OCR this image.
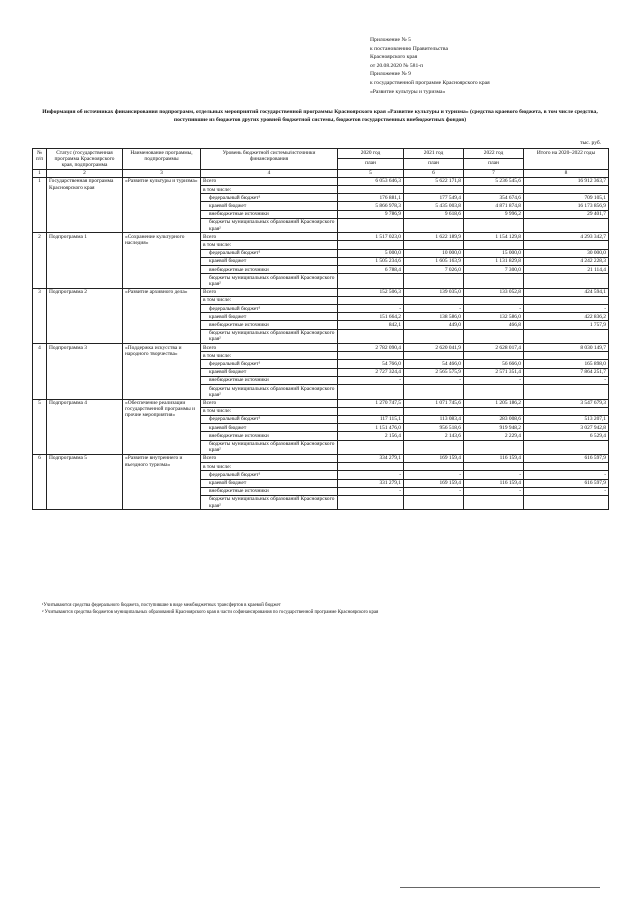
Приложение № 5
к постановлению Правительства
Красноярского края
от 20.08.2020 № 581-п
Приложение № 9
к государственной программе Красноярского края
«Развитие культуры и туризма»
Информация об источниках финансирования подпрограмм, отдельных мероприятий государственной программы Красноярского края «Развитие культуры и туризма» (средства краевого бюджета, в том числе средства, поступившие из бюджетов других уровней бюджетной системы, бюджетов государственных внебюджетных фондов)
тыс. руб.
№ п/п	Статус (государственная программа Красноярского края, подпрограмма	Наименование программы, подпрограммы	Уровень бюджетной системы/источники финансирования	2020 год	2021 год	2022 год	Итого на 2020–2022 годы
				план	план	план	
1	2	3	4	5	6	7	8
1	Государственная программа Красноярского края	«Развитие культуры и туризма»	Всего	6 053 646,3	5 622 171,8	5 236 545,6	16 912 363,7
			в том числе:				
			федеральный бюджет¹	176 881,1	177 549,4	354 674,6	709 105,1
			краевой бюджет	5 866 978,3	5 435 003,8	4 871 874,8	16 173 856,9
			внебюджетные источники	9 786,9	9 618,6	9 996,2	29 401,7
			бюджеты муниципальных образований Красноярского края²				
2	Подпрограмма 1	«Сохранение культурного наследия»	Всего	1 517 023,0	1 622 189,9	1 154 129,8	4 293 342,7
			в том числе:				
			федеральный бюджет¹	5 000,0	10 000,0	15 000,0	30 000,0
			краевой бюджет	1 505 234,6	1 605 163,9	1 131 829,8	4 242 228,3
			внебюджетные источники	6 788,4	7 026,0	7 300,0	21 114,4
			бюджеты муниципальных образований Красноярского края²				
3	Подпрограмма 2	«Развитие архивного дела»	Всего	152 506,3	139 035,0	133 052,8	424 594,1
			в том числе:				
			федеральный бюджет¹	-	-	-	-
			краевой бюджет	151 664,2	138 586,0	132 586,0	422 836,2
			внебюджетные источники	842,1	449,0	466,8	1 757,9
			бюджеты муниципальных образований Красноярского края²				
4	Подпрограмма 3	«Поддержка искусства и народного творчества»	Всего	2 782 090,4	2 620 041,9	2 628 017,4	8 030 149,7
			в том числе:				
			федеральный бюджет¹	54 766,0	54 466,0	56 666,0	165 898,0
			краевой бюджет	2 727 324,4	2 565 575,9	2 571 351,4	7 864 251,7
			внебюджетные источники	-	-	-	-
			бюджеты муниципальных образований Красноярского края²				
5	Подпрограмма 4	«Обеспечение реализации государственной программы и прочие мероприятия»	Всего	1 270 747,5	1 071 745,6	1 205 186,2	3 547 679,3
			в том числе:				
			федеральный бюджет¹	117 115,1	113 083,4	283 008,6	513 207,1
			краевой бюджет	1 151 476,0	956 518,6	919 948,2	3 027 942,8
			внебюджетные источники	2 156,4	2 143,6	2 229,4	6 529,4
			бюджеты муниципальных образований Красноярского края²				
6	Подпрограмма 5	«Развитие внутреннего и въездного туризма»	Всего	334 279,1	169 159,4	116 159,4	616 597,9
			в том числе:				
			федеральный бюджет¹	-	-	-	-
			краевой бюджет	331 279,1	169 159,4	116 159,4	616 597,9
			внебюджетные источники	-	-	-	-
			бюджеты муниципальных образований Красноярского края²				
¹Учитываются средства федерального бюджета, поступившие в виде межбюджетных трансфертов в краевой бюджет
² Учитываются средства бюджетов муниципальных образований Красноярского края в части софинансирования по государственной программе Красноярского края
